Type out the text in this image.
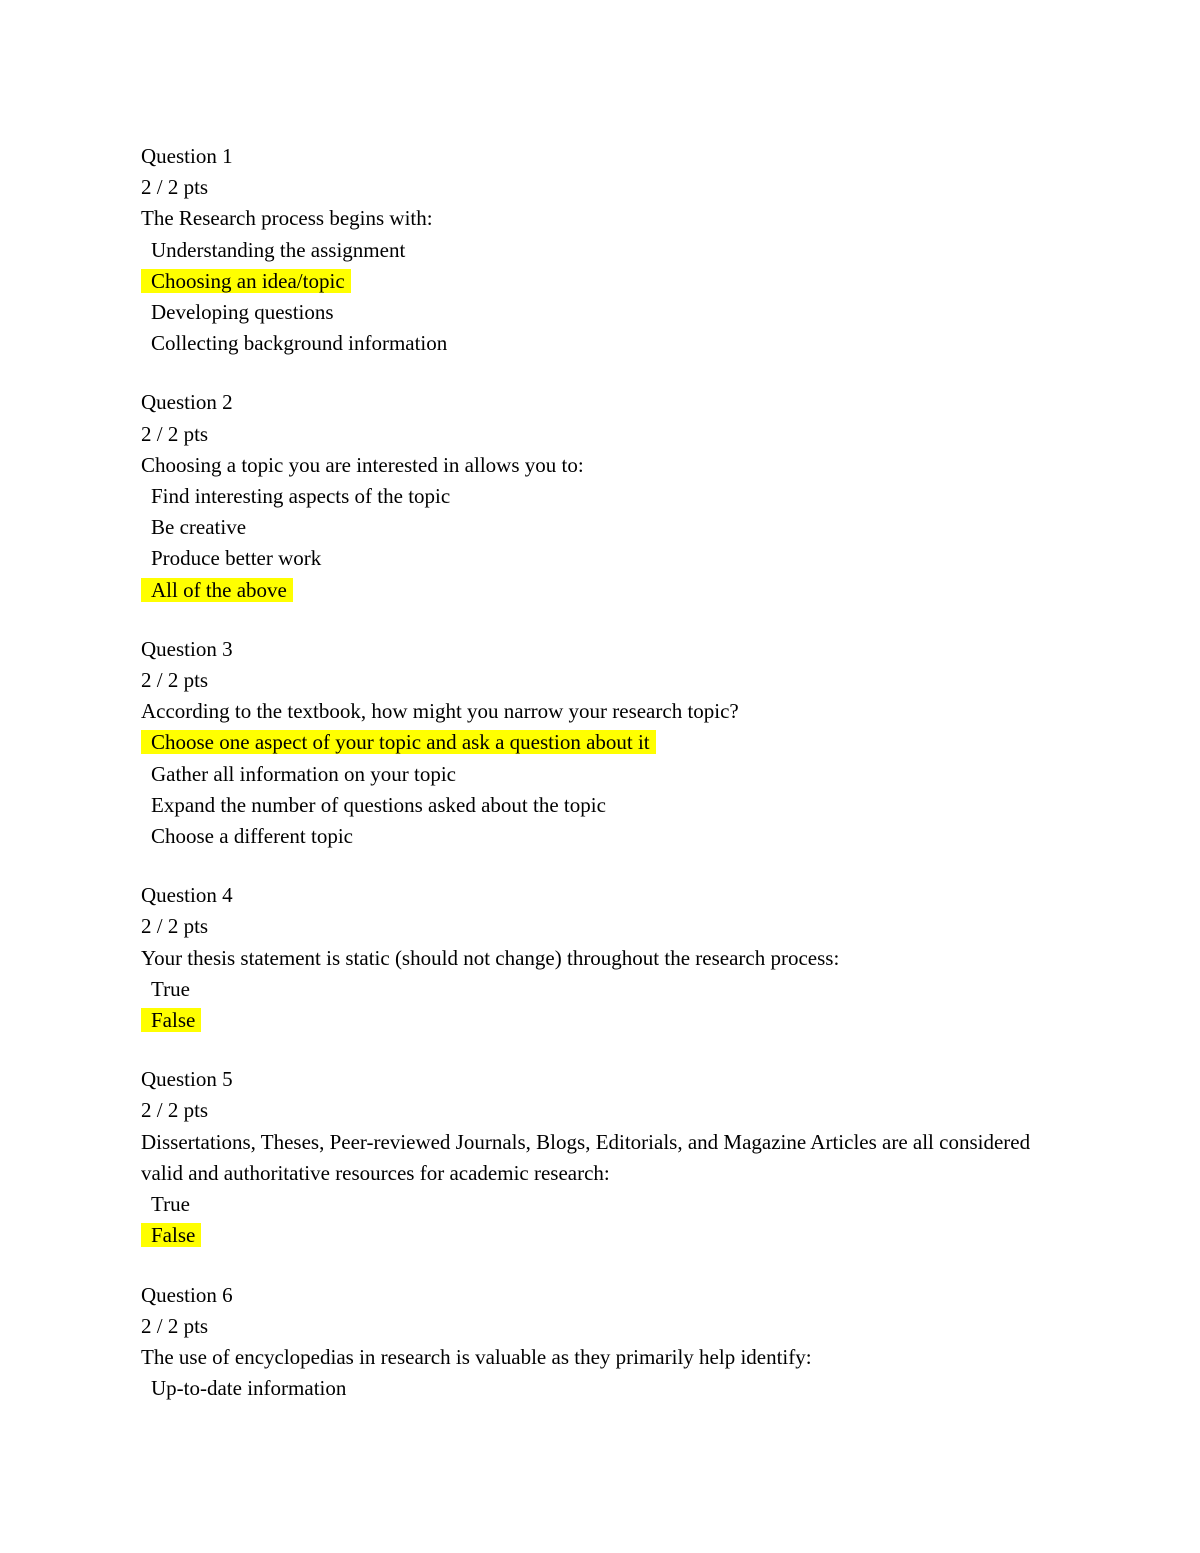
Question 1
2 / 2 pts
The Research process begins with:
Understanding the assignment
Choosing an idea/topic
Developing questions
Collecting background information
Question 2
2 / 2 pts
Choosing a topic you are interested in allows you to:
Find interesting aspects of the topic
Be creative
Produce better work
All of the above
Question 3
2 / 2 pts
According to the textbook, how might you narrow your research topic?
Choose one aspect of your topic and ask a question about it
Gather all information on your topic
Expand the number of questions asked about the topic
Choose a different topic
Question 4
2 / 2 pts
Your thesis statement is static (should not change) throughout the research process:
True
False
Question 5
2 / 2 pts
Dissertations, Theses, Peer-reviewed Journals, Blogs, Editorials, and Magazine Articles are all considered valid and authoritative resources for academic research:
True
False
Question 6
2 / 2 pts
The use of encyclopedias in research is valuable as they primarily help identify:
Up-to-date information
